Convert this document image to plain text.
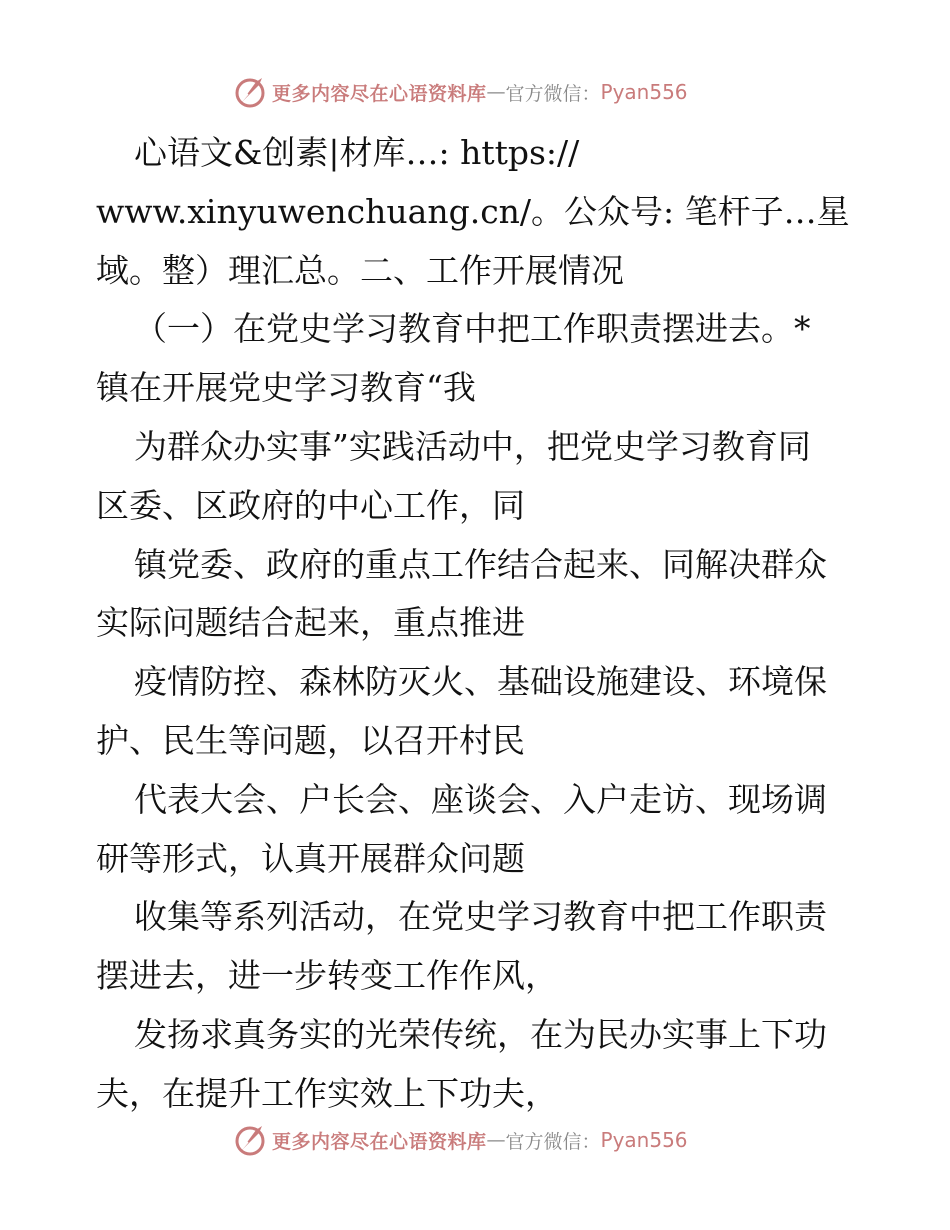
更多内容尽在心语资料库 — 官方微信： Pyan556
心语文&创素|材库…: https://
www.xinyuwenchuang.cn/。公众号: 笔杆子…星
域。整）理汇总。二、工作开展情况
（一）在党史学习教育中把工作职责摆进去。*
镇在开展党史学习教育“我
为群众办实事”实践活动中，把党史学习教育同
区委、区政府的中心工作，同
镇党委、政府的重点工作结合起来、同解决群众
实际问题结合起来，重点推进
疫情防控、森林防灭火、基础设施建设、环境保
护、民生等问题，以召开村民
代表大会、户长会、座谈会、入户走访、现场调
研等形式，认真开展群众问题
收集等系列活动，在党史学习教育中把工作职责
摆进去，进一步转变工作作风，
发扬求真务实的光荣传统，在为民办实事上下功
夫，在提升工作实效上下功夫，
更多内容尽在心语资料库 — 官方微信： Pyan556
